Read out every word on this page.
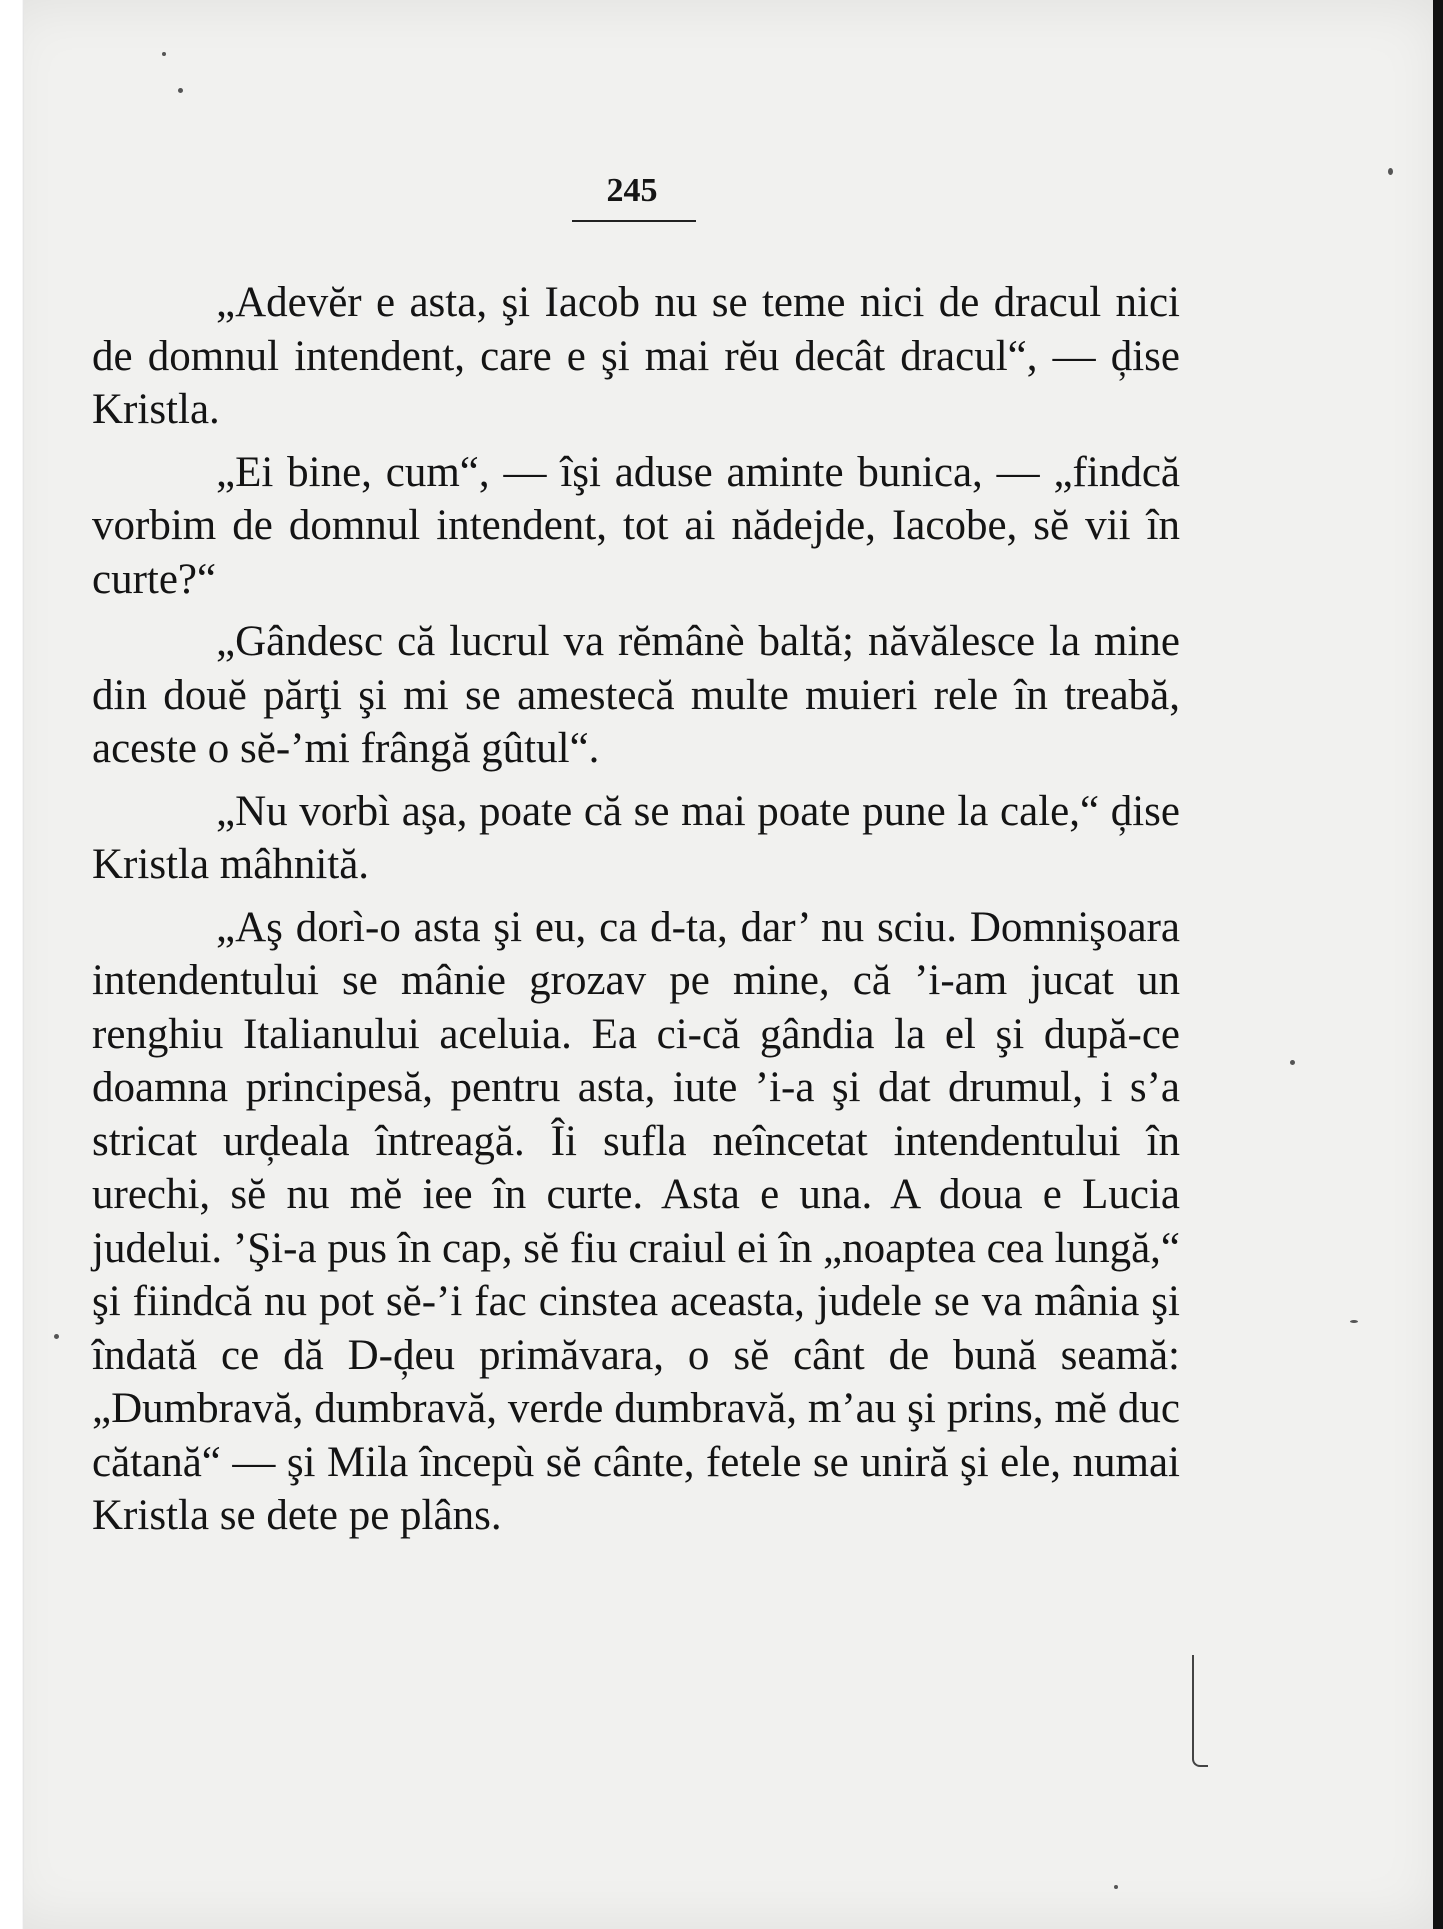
245

„Adevĕr e asta, şi Iacob nu se teme nici de dracul nici de domnul intendent, care e şi mai rĕu decât dracul“, — ḑise Kristla.

„Ei bine, cum“, — îşi aduse aminte bunica, — „findcă vorbim de domnul intendent, tot ai nădejde, Iacobe, sĕ vii în curte?“

„Gândesc că lucrul va rĕmânè baltă; năvălesce la mine din douĕ părţi şi mi se amestecă multe muieri rele în treabă, aceste o sĕ-’mi frângă gûtul“.

„Nu vorbì aşa, poate că se mai poate pune la cale,“ ḑise Kristla mâhnită.

„Aş dorì-o asta şi eu, ca d-ta, dar’ nu sciu. Domnişoara intendentului se mânie grozav pe mine, că ’i-am jucat un renghiu Italianului aceluia. Ea ci-că gândia la el şi după-ce doamna principesă, pentru asta, iute ’i-a şi dat drumul, i s’a stricat urḑeala întreagă. Îi sufla neîncetat intendentului în urechi, sĕ nu mĕ iee în curte. Asta e una. A doua e Lucia judelui. ’Şi-a pus în cap, sĕ fiu craiul ei în „noaptea cea lungă,“ şi fiindcă nu pot sĕ-’i fac cinstea aceasta, judele se va mânia şi îndată ce dă D-ḑeu primăvara, o sĕ cânt de bună seamă: „Dumbravă, dumbravă, verde dumbravă, m’au şi prins, mĕ duc cătană“ — şi Mila începù sĕ cânte, fetele se uniră şi ele, numai Kristla se dete pe plâns.
